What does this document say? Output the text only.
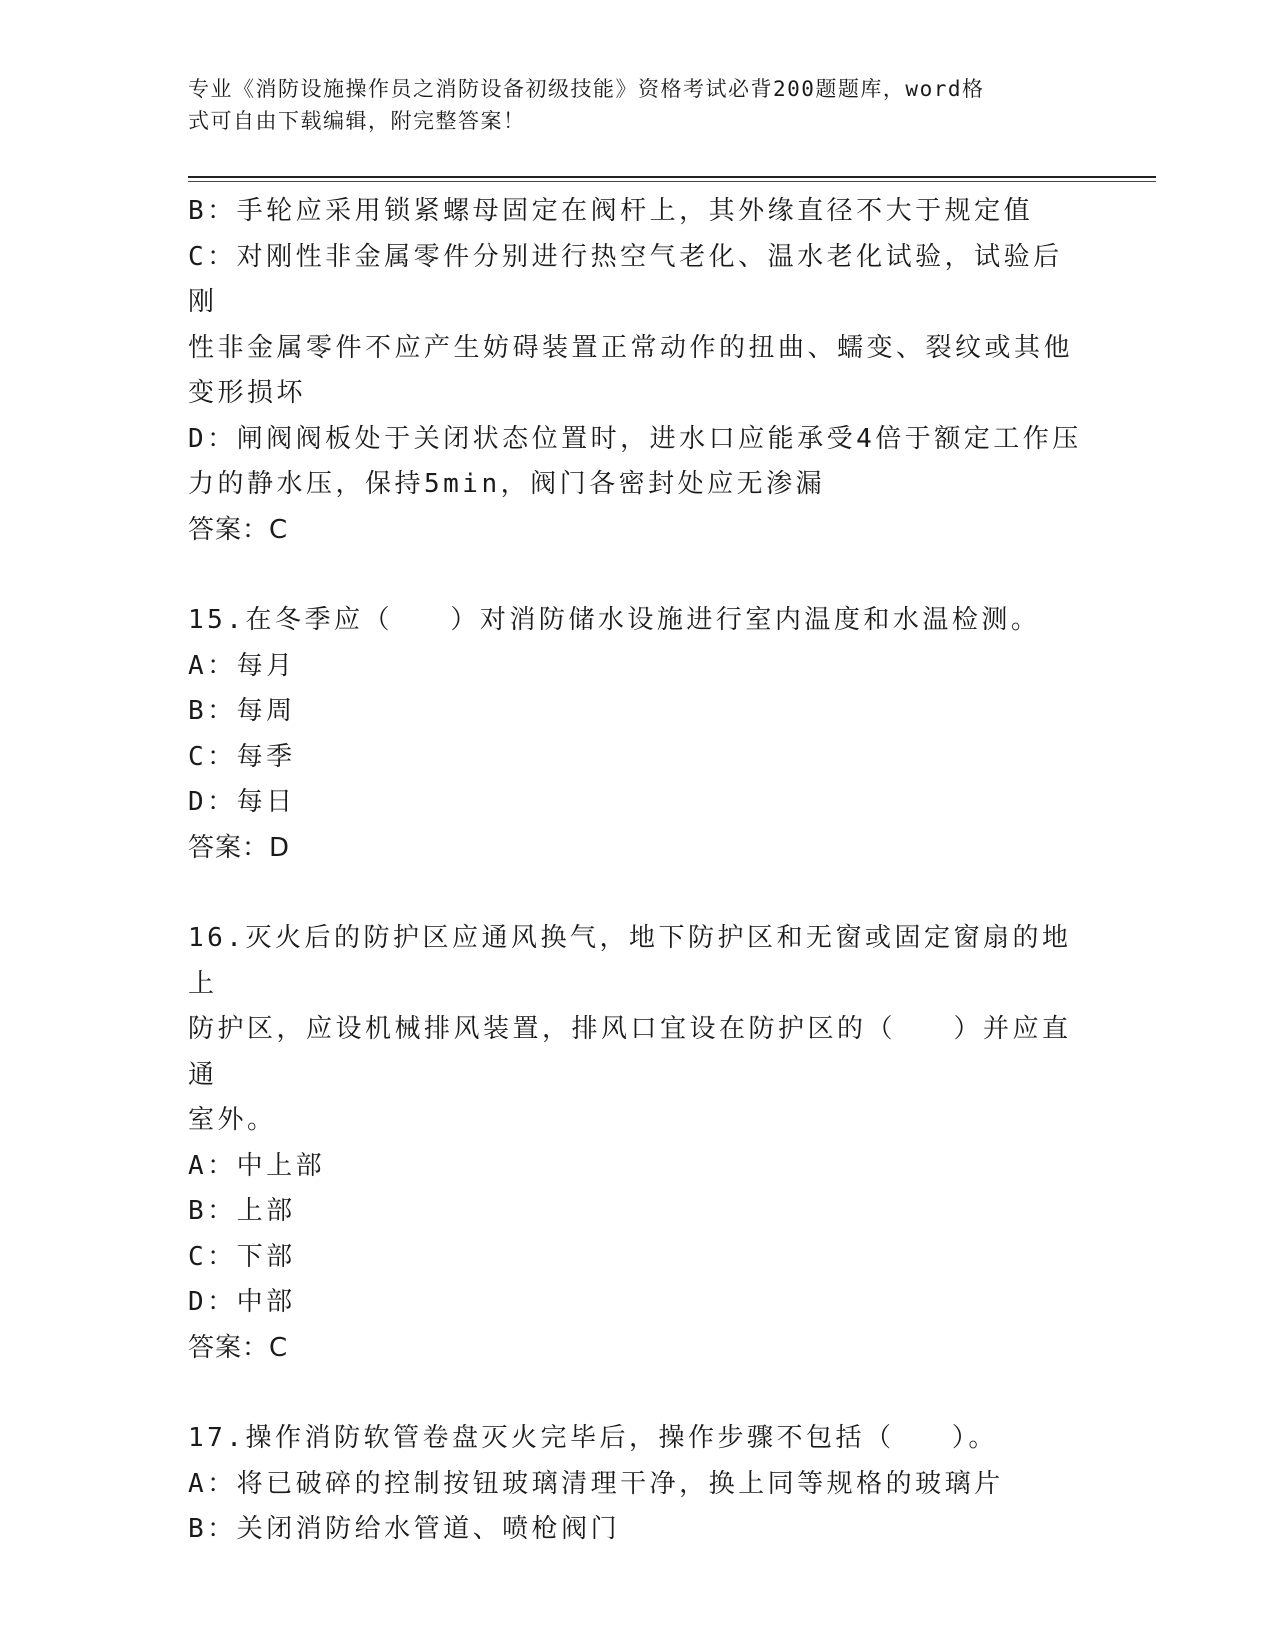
专业《消防设施操作员之消防设备初级技能》资格考试必背200题题库，word格
式可自由下载编辑，附完整答案！

B：手轮应采用锁紧螺母固定在阀杆上，其外缘直径不大于规定值

C：对刚性非金属零件分别进行热空气老化、温水老化试验，试验后刚

性非金属零件不应产生妨碍装置正常动作的扭曲、蠕变、裂纹或其他

变形损坏

D：闸阀阀板处于关闭状态位置时，进水口应能承受4倍于额定工作压

力的静水压，保持5min，阀门各密封处应无渗漏

答案：C

15.在冬季应（   ）对消防储水设施进行室内温度和水温检测。

A：每月

B：每周

C：每季

D：每日

答案：D

16.灭火后的防护区应通风换气，地下防护区和无窗或固定窗扇的地上

防护区，应设机械排风装置，排风口宜设在防护区的（   ）并应直通

室外。

A：中上部

B：上部

C：下部

D：中部

答案：C

17.操作消防软管卷盘灭火完毕后，操作步骤不包括（   ）。

A：将已破碎的控制按钮玻璃清理干净，换上同等规格的玻璃片

B：关闭消防给水管道、喷枪阀门
